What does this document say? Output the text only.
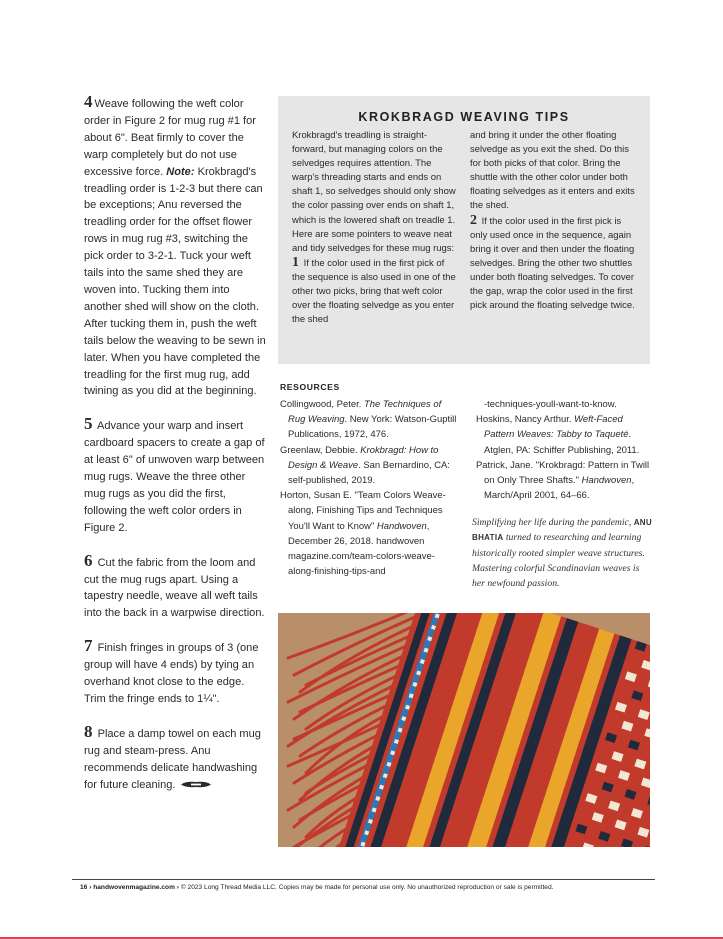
4 Weave following the weft color order in Figure 2 for mug rug #1 for about 6". Beat firmly to cover the warp completely but do not use excessive force. Note: Krokbragd's treadling order is 1-2-3 but there can be exceptions; Anu reversed the treadling order for the offset flower rows in mug rug #3, switching the pick order to 3-2-1. Tuck your weft tails into the same shed they are woven into. Tucking them into another shed will show on the cloth. After tucking them in, push the weft tails below the weaving to be sewn in later. When you have completed the treadling for the first mug rug, add twining as you did at the beginning.

5 Advance your warp and insert cardboard spacers to create a gap of at least 6" of unwoven warp between mug rugs. Weave the three other mug rugs as you did the first, following the weft color orders in Figure 2.

6 Cut the fabric from the loom and cut the mug rugs apart. Using a tapestry needle, weave all weft tails into the back in a warpwise direction.

7 Finish fringes in groups of 3 (one group will have 4 ends) by tying an overhand knot close to the edge. Trim the fringe ends to 1¼".

8 Place a damp towel on each mug rug and steam-press. Anu recommends delicate handwashing for future cleaning.

KROKBRAGD WEAVING TIPS

Krokbragd's treadling is straight-forward, but managing colors on the selvedges requires attention. The warp's threading starts and ends on shaft 1, so selvedges should only show the color passing over ends on shaft 1, which is the lowered shaft on treadle 1. Here are some pointers to weave neat and tidy selvedges for these mug rugs:

1 If the color used in the first pick of the sequence is also used in one of the other two picks, bring that weft color over the floating selvedge as you enter the shed

and bring it under the other floating selvedge as you exit the shed. Do this for both picks of that color. Bring the shuttle with the other color under both floating selvedges as it enters and exits the shed.

2 If the color used in the first pick is only used once in the sequence, again bring it over and then under the floating selvedges. Bring the other two shuttles under both floating selvedges. To cover the gap, wrap the color used in the first pick around the floating selvedge twice.

RESOURCES

Collingwood, Peter. The Techniques of Rug Weaving. New York: Watson-Guptill Publications, 1972, 476.

Greenlaw, Debbie. Krokbragd: How to Design & Weave. San Bernardino, CA: self-published, 2019.

Horton, Susan E. "Team Colors Weave-along, Finishing Tips and Techniques You'll Want to Know" Handwoven, December 26, 2018. handwoven magazine.com/team-colors-weave-along-finishing-tips-and

-techniques-youll-want-to-know.

Hoskins, Nancy Arthur. Weft-Faced Pattern Weaves: Tabby to Taqueté. Atglen, PA: Schiffer Publishing, 2011.

Patrick, Jane. "Krokbragd: Pattern in Twill on Only Three Shafts." Handwoven, March/April 2001, 64–66.

Simplifying her life during the pandemic, ANU BHATIA turned to researching and learning historically rooted simpler weave structures. Mastering colorful Scandinavian weaves is her newfound passion.
16 › handwovenmagazine.com › © 2023 Long Thread Media LLC. Copies may be made for personal use only. No unauthorized reproduction or sale is permitted.
